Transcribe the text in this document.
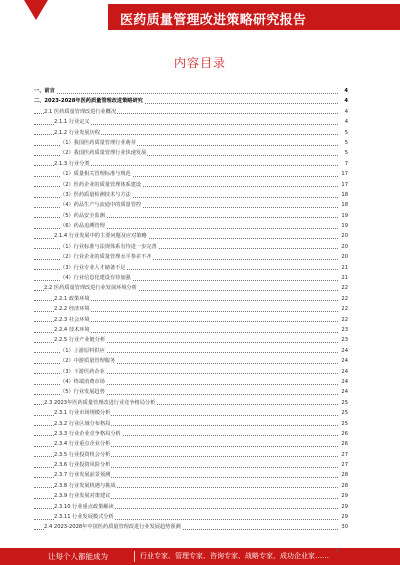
医药质量管理改进策略研究报告
内容目录
一、前言	4
二、2023-2028年医药质量管理改进策略研究	4
2.1 医药质量管理改进行业概况	4
2.1.1 行业定义	4
2.1.2 行业发展历程	5
（1）我国医药质量管理行业萌芽	5
（2）我国医药质量管理行业快速发展	5
2.1.3 行业分类	7
（1）质量相关管理标准与规范	17
（2）医药企业的质量管理体系建设	17
（3）医药质量检测技术与方法	18
（4）药品生产与流通中的质量管控	18
（5）药品安全监测	19
（6）药品追溯管理	19
2.1.4 行业发展中的主要问题及应对策略	20
（1）行业标准与法规体系有待进一步完善	20
（2）行业企业的质量管理水平参差不齐	20
（3）行业专业人才储备不足	21
（4）行业信息化建设有待加强	21
2.2 医药质量管理改进行业发展环境分析	22
2.2.1 政策环境	22
2.2.2 经济环境	22
2.2.3 社会环境	22
2.2.4 技术环境	23
2.2.5 行业产业链分析	23
（1）上游原料供应	24
（2）中游质量管理服务	24
（3）下游医药企业	24
（4）终端消费市场	24
（5）行业发展趋势	24
2.3 2023年医药质量管理改进行业竞争格局分析	25
2.3.1 行业市场规模分析	25
2.3.2 行业区域分布格局	25
2.3.3 行业企业竞争格局分析	26
2.3.4 行业重点企业分析	26
2.3.5 行业投资机会分析	27
2.3.6 行业投资风险分析	27
2.3.7 行业发展前景预测	28
2.3.8 行业发展机遇与挑战	28
2.3.9 行业发展对策建议	29
2.3.10 行业重点政策解读	29
2.3.11 行业发展模式分析	29
2.4 2023-2028年中国医药质量管理改进行业发展趋势预测	30
让每个人都能成为	行业专家、管理专家、咨询专家、战略专家、成功企业家……
1
